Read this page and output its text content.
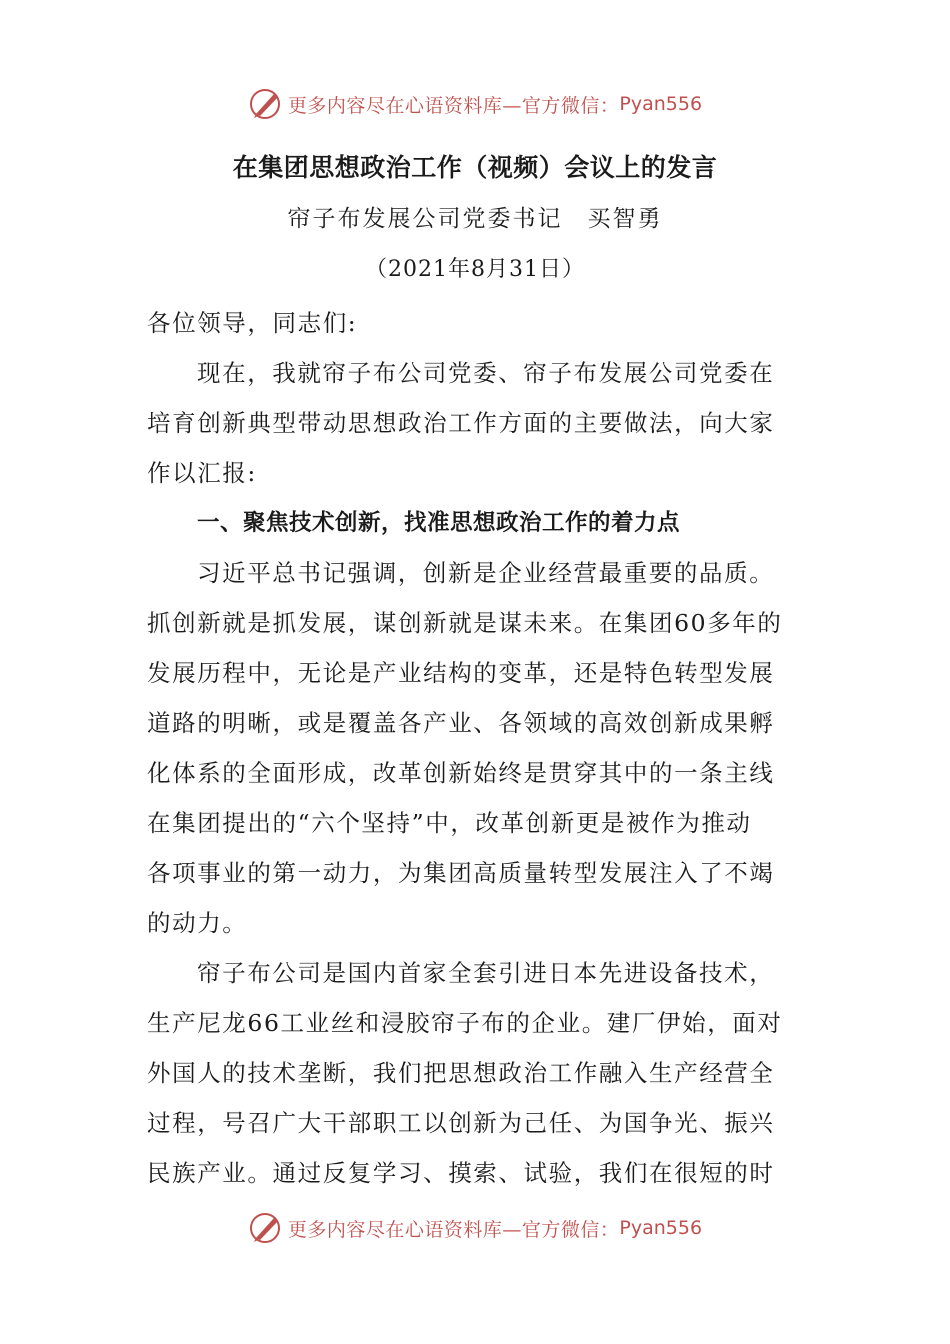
更多内容尽在心语资料库—官方微信： Pyan556
在集团思想政治工作（视频）会议上的发言
帘子布发展公司党委书记　买智勇
（2021年8月31日）
各位领导，同志们:
现在，我就帘子布公司党委、帘子布发展公司党委在
培育创新典型带动思想政治工作方面的主要做法，向大家
作以汇报:
一、聚焦技术创新，找准思想政治工作的着力点
习近平总书记强调，创新是企业经营最重要的品质。
抓创新就是抓发展，谋创新就是谋未来。在集团60多年的
发展历程中，无论是产业结构的变革，还是特色转型发展
道路的明晰，或是覆盖各产业、各领域的高效创新成果孵
化体系的全面形成，改革创新始终是贯穿其中的一条主线
在集团提出的“六个坚持”中，改革创新更是被作为推动
各项事业的第一动力，为集团高质量转型发展注入了不竭
的动力。
帘子布公司是国内首家全套引进日本先进设备技术，
生产尼龙66工业丝和浸胶帘子布的企业。建厂伊始，面对
外国人的技术垄断，我们把思想政治工作融入生产经营全
过程，号召广大干部职工以创新为己任、为国争光、振兴
民族产业。通过反复学习、摸索、试验，我们在很短的时
更多内容尽在心语资料库—官方微信： Pyan556
